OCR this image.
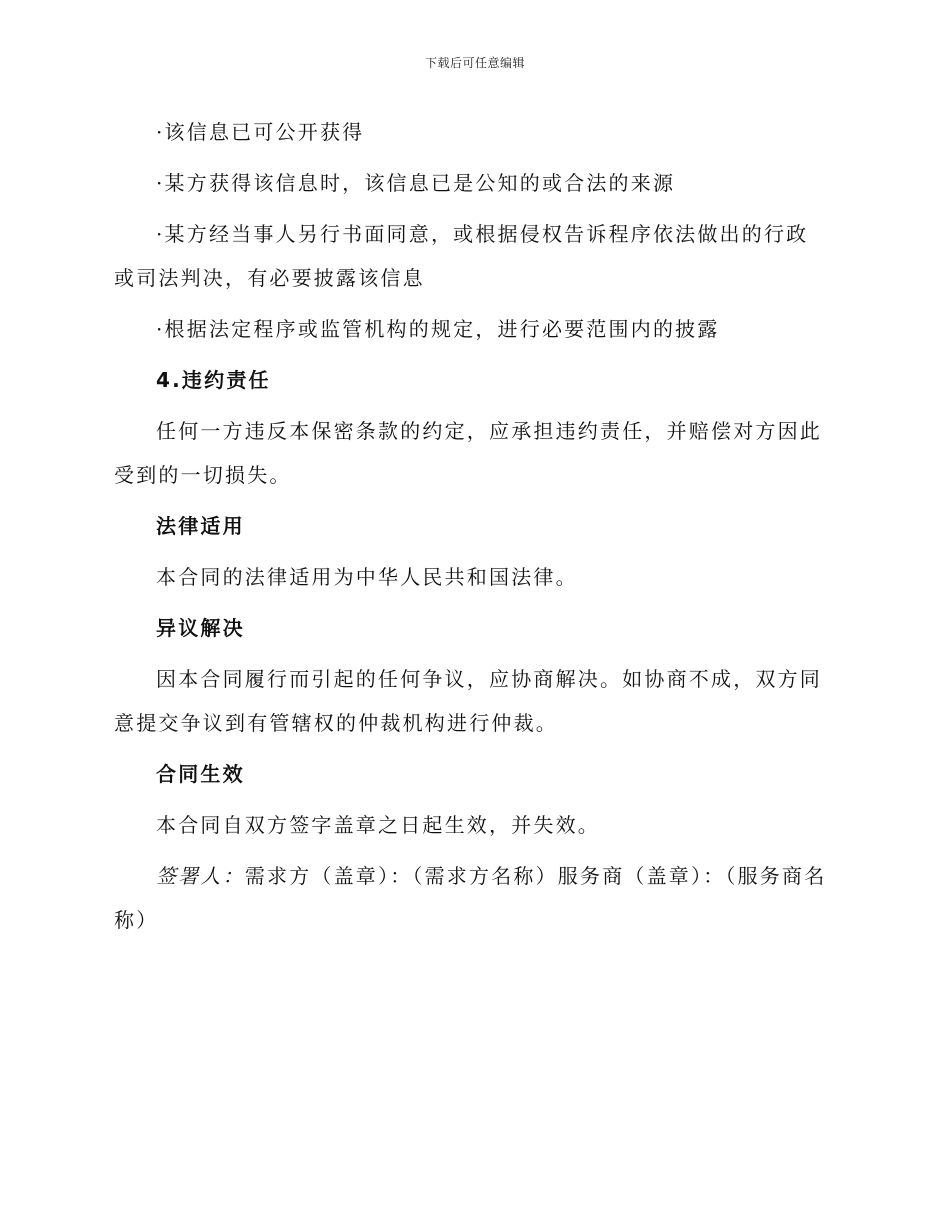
下载后可任意编辑

·该信息已可公开获得

·某方获得该信息时，该信息已是公知的或合法的来源

·某方经当事人另行书面同意，或根据侵权告诉程序依法做出的行政或司法判决，有必要披露该信息

·根据法定程序或监管机构的规定，进行必要范围内的披露

4.违约责任

任何一方违反本保密条款的约定，应承担违约责任，并赔偿对方因此受到的一切损失。

法律适用

本合同的法律适用为中华人民共和国法律。

异议解决

因本合同履行而引起的任何争议，应协商解决。如协商不成，双方同意提交争议到有管辖权的仲裁机构进行仲裁。

合同生效

本合同自双方签字盖章之日起生效，并失效。

签署人：需求方（盖章）：（需求方名称）服务商（盖章）：（服务商名称）
